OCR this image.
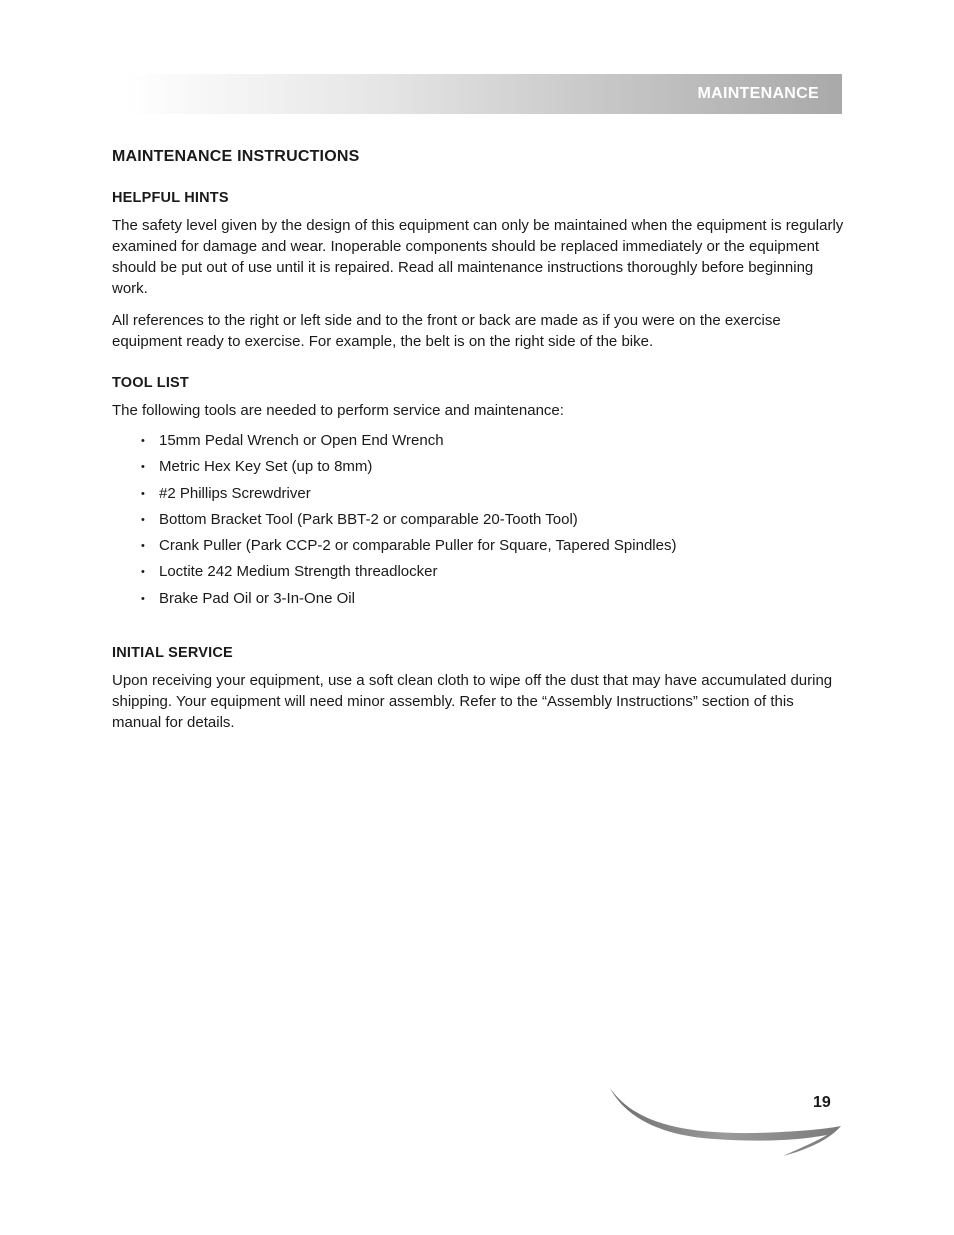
MAINTENANCE
MAINTENANCE INSTRUCTIONS
HELPFUL HINTS

The safety level given by the design of this equipment can only be maintained when the equipment is regularly examined for damage and wear. Inoperable components should be replaced immediately or the equipment should be put out of use until it is repaired. Read all maintenance instructions thoroughly before beginning work.

All references to the right or left side and to the front or back are made as if you were on the exercise equipment ready to exercise. For example, the belt is on the right side of the bike.

TOOL LIST

The following tools are needed to perform service and maintenance:

• 15mm Pedal Wrench or Open End Wrench
• Metric Hex Key Set (up to 8mm)
• #2 Phillips Screwdriver
• Bottom Bracket Tool (Park BBT-2 or comparable 20-Tooth Tool)
• Crank Puller (Park CCP-2 or comparable Puller for Square, Tapered Spindles)
• Loctite 242 Medium Strength threadlocker
• Brake Pad Oil or 3-In-One Oil
INITIAL SERVICE

Upon receiving your equipment, use a soft clean cloth to wipe off the dust that may have accumulated during shipping. Your equipment will need minor assembly. Refer to the “Assembly Instructions” section of this manual for details.

19
